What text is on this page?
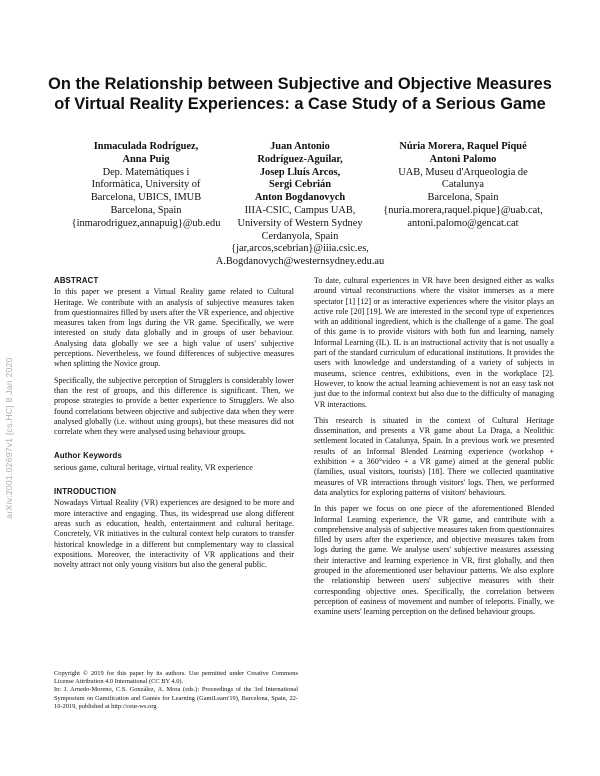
arXiv:2001.02697v1 [cs.HC] 8 Jan 2020
On the Relationship between Subjective and Objective Measures of Virtual Reality Experiences: a Case Study of a Serious Game
Inmaculada Rodríguez,
Anna Puig
Dep. Matemàtiques i
Informàtica, University of
Barcelona, UBICS, IMUB
Barcelona, Spain
{inmarodriguez,annapuig}@ub.edu
Juan Antonio
Rodríguez-Aguilar,
Josep Lluís Arcos,
Sergi Cebrián
Anton Bogdanovych
IIIA-CSIC, Campus UAB,
University of Western Sydney
Cerdanyola, Spain
{jar,arcos,scebrian}@iiia.csic.es,
A.Bogdanovych@westernsydney.edu.au
Núria Morera, Raquel Piqué
Antoni Palomo
UAB, Museu d'Arqueologia de
Catalunya
Barcelona, Spain
{nuria.morera,raquel.pique}@uab.cat,
antoni.palomo@gencat.cat
ABSTRACT

In this paper we present a Virtual Reality game related to Cultural Heritage. We contribute with an analysis of subjective measures taken from questionnaires filled by users after the VR experience, and objective measures taken from logs during the VR game. Specifically, we were interested on study data globally and in groups of user behaviour. Analysing data globally we see a high value of users' subjective perceptions. Nevertheless, we found differences of subjective measures when splitting the Novice group.

Specifically, the subjective perception of Strugglers is considerably lower than the rest of groups, and this difference is significant. Then, we propose strategies to provide a better experience to Strugglers. We also found correlations between objective and subjective data when they were analysed globally (i.e. without using groups), but these measures did not correlate when they were analysed using behaviour groups.

Author Keywords

serious game, cultural heritage, virtual reality, VR experience

INTRODUCTION

Nowadays Virtual Reality (VR) experiences are designed to be more and more interactive and engaging. Thus, its widespread use along different areas such as education, health, entertainment and cultural heritage. Concretely, VR initiatives in the cultural context help curators to transfer historical knowledge in a different but complementary way to classical expositions. Moreover, the interactivity of VR applications and their novelty attract not only young visitors but also the general public.

Copyright © 2019 for this paper by its authors. Use permitted under Creative Commons License Attribution 4.0 International (CC BY 4.0).

In: J. Arnedo-Moreno, C.S. González, A. Mora (eds.): Proceedings of the 3rd International Symposium on Gamification and Games for Learning (GamiLearn'19), Barcelona, Spain, 22-10-2019, published at http://ceur-ws.org

To date, cultural experiences in VR have been designed either as walks around virtual reconstructions where the visitor immerses as a mere spectator [1] [12] or as interactive experiences where the visitor plays an active role [20] [19]. We are interested in the second type of experiences with an additional ingredient, which is the challenge of a game. The goal of this game is to provide visitors with both fun and learning, namely Informal Learning (IL). IL is an instructional activity that is not usually a part of the standard curriculum of educational institutions. It provides the users with knowledge and understanding of a variety of subjects in museums, science centres, exhibitions, even in the workplace [2]. However, to know the actual learning achievement is not an easy task not just due to the informal context but also due to the difficulty of managing VR interactions.

This research is situated in the context of Cultural Heritage dissemination, and presents a VR game about La Draga, a Neolithic settlement located in Catalunya, Spain. In a previous work we presented results of an Informal Blended Learning experience (workshop + exhibition + a 360°video + a VR game) aimed at the general public (families, usual visitors, tourists) [18]. There we collected quantitative measures of VR interactions through visitors' logs. Then, we performed data analytics for exploring patterns of visitors' behaviours.

In this paper we focus on one piece of the aforementioned Blended Informal Learning experience, the VR game, and contribute with a comprehensive analysis of subjective measures taken from questionnaires filled by users after the experience, and objective measures taken from logs during the game. We analyse users' subjective measures assessing their interactive and learning experience in VR, first globally, and then grouped in the aforementioned user behaviour patterns. We also explore the relationship between users' subjective measures with their corresponding objective ones. Specifically, the correlation between perception of easiness of movement and number of teleports. Finally, we examine users' learning perception on the defined behaviour groups.
